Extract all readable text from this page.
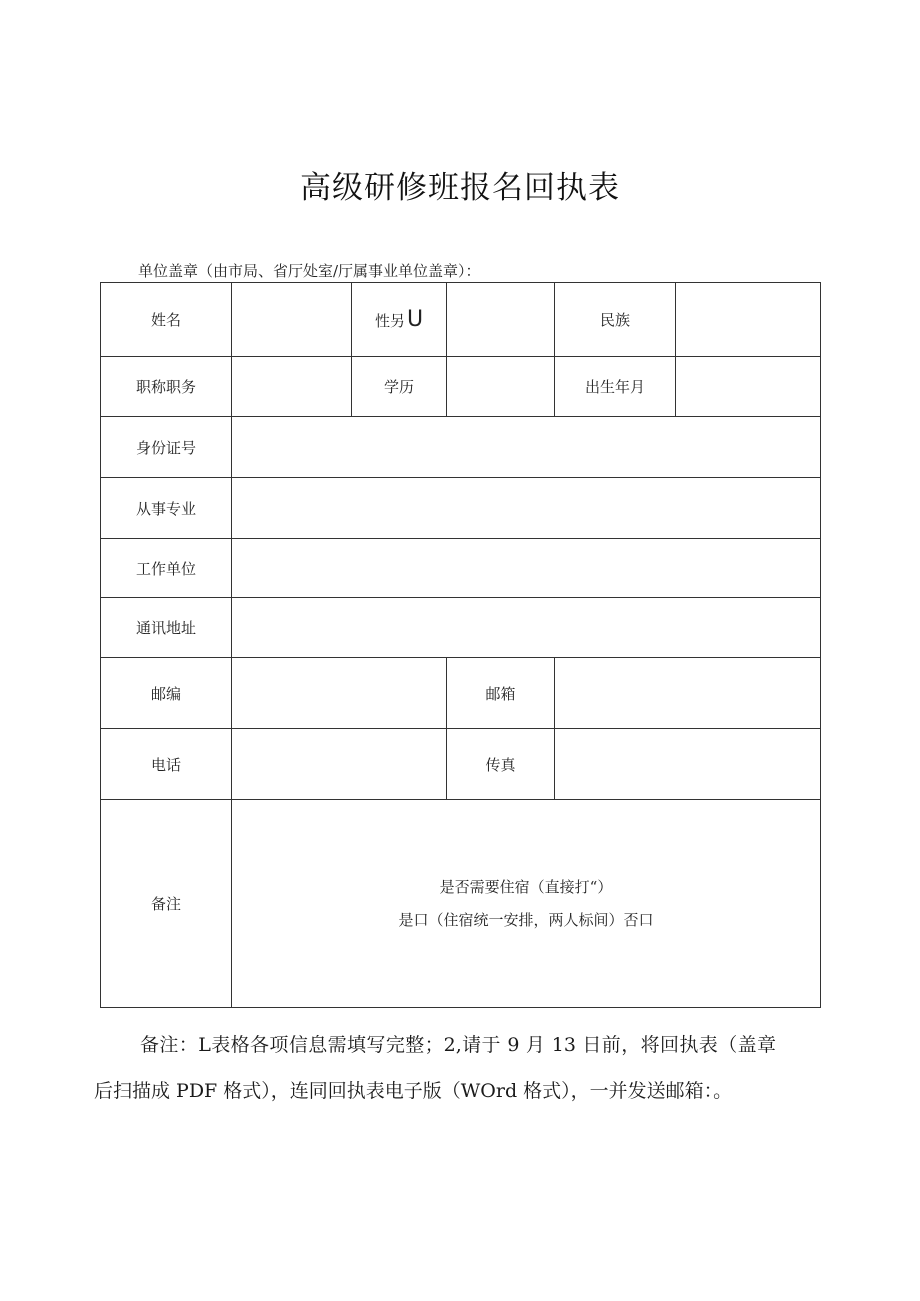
高级研修班报名回执表
单位盖章（由市局、省厅处室/厅属事业单位盖章）：
姓名		性另U		民族	
职称职务		学历		出生年月	
身份证号					
从事专业					
工作单位					
通讯地址					
邮编			邮箱		
电话			传真		
备注	是否需要住宿（直接打“）
是口（住宿统一安排，两人标间）否口				
备注：L表格各项信息需填写完整；2,请于 9 月 13 日前，将回执表（盖章后扫描成 PDF 格式），连同回执表电子版（WOrd 格式），一并发送邮箱：。
